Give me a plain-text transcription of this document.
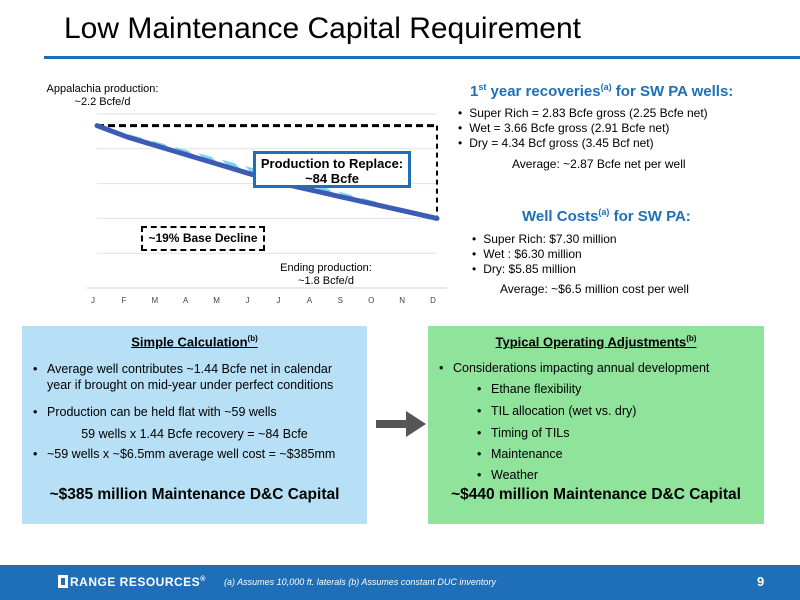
Low Maintenance Capital Requirement
J	F	M	A	M	J	J	A	S	O	N	D
Appalachia production:
~2.2 Bcfe/d
Ending production:
~1.8 Bcfe/d
Production to Replace:
~84 Bcfe
~19% Base Decline
1st year recoveries$^{(a)}$ for SW PA wells:
• Super Rich = 2.83 Bcfe gross (2.25 Bcfe net)
• Wet = 3.66 Bcfe gross (2.91 Bcfe net)
• Dry = 4.34 Bcf gross (3.45 Bcf net)
Average: ~2.87 Bcfe net per well
Well Costs$^{(a)}$ for SW PA:
• Super Rich: $7.30 million
• Wet : $6.30 million
• Dry: $5.85 million
Average: ~$6.5 million cost per well
Simple Calculation$^{(b)}$
• Average well contributes ~1.44 Bcfe net in calendar year if brought on mid-year under perfect conditions
• Production can be held flat with ~59 wells
59 wells x 1.44 Bcfe recovery = ~84 Bcfe
• ~59 wells x ~$6.5mm average well cost = ~$385mm
~$385 million Maintenance D&C Capital
Typical Operating Adjustments$^{(b)}$
• Considerations impacting annual development
• Ethane flexibility
• TIL allocation (wet vs. dry)
• Timing of TILs
• Maintenance
• Weather
~$440 million Maintenance D&C Capital
RANGE RESOURCES® (a) Assumes 10,000 ft. laterals (b) Assumes constant DUC inventory	9
